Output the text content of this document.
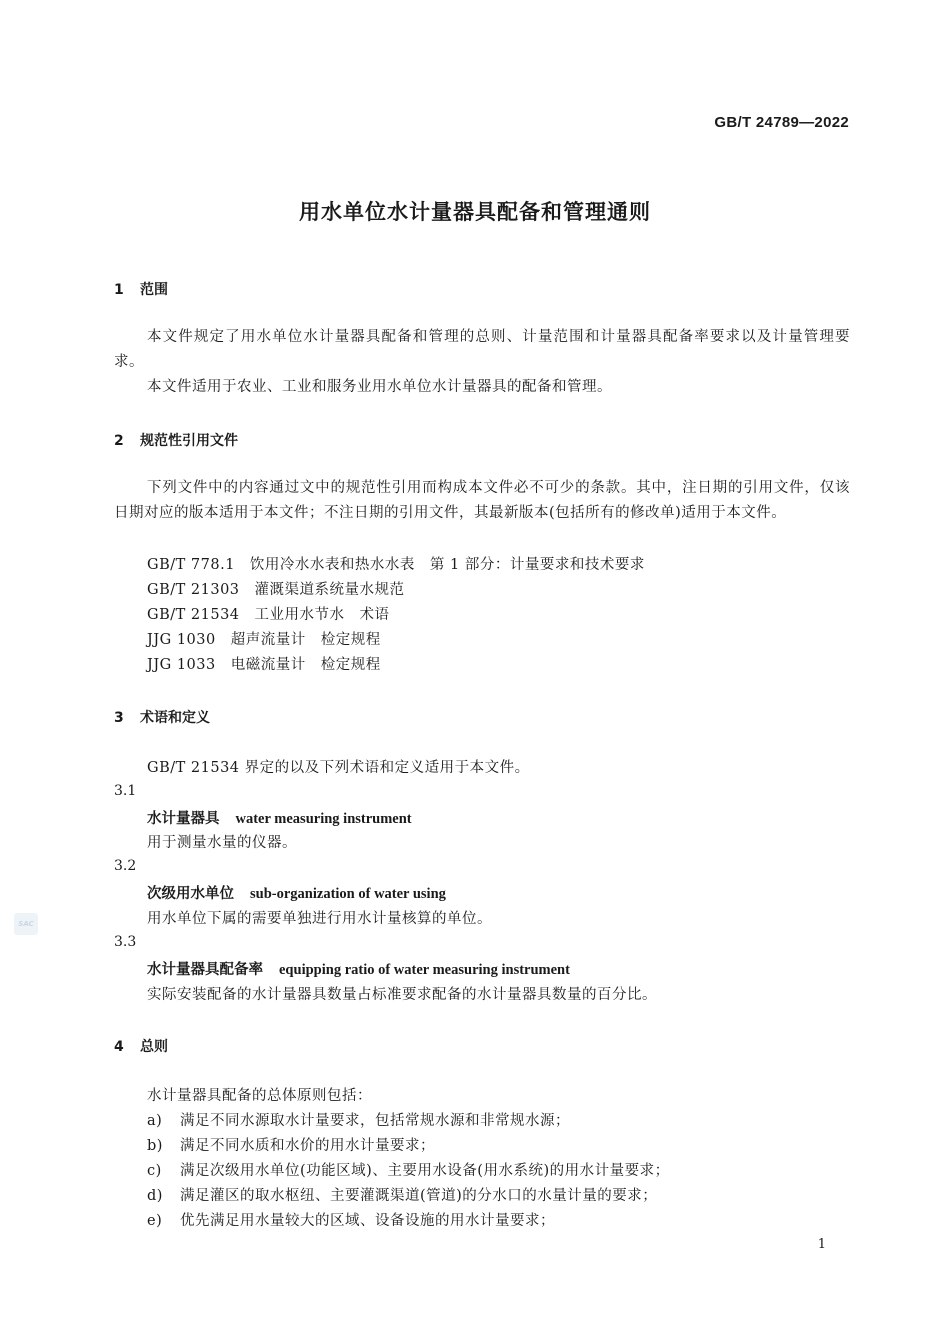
GB/T 24789—2022
用水单位水计量器具配备和管理通则
1 范围
本文件规定了用水单位水计量器具配备和管理的总则、计量范围和计量器具配备率要求以及计量管理要求。
本文件适用于农业、工业和服务业用水单位水计量器具的配备和管理。
2 规范性引用文件
下列文件中的内容通过文中的规范性引用而构成本文件必不可少的条款。其中，注日期的引用文件，仅该日期对应的版本适用于本文件；不注日期的引用文件，其最新版本(包括所有的修改单)适用于本文件。
GB/T 778.1　 饮用冷水水表和热水水表　第 1 部分：计量要求和技术要求
GB/T 21303　 灌溉渠道系统量水规范
GB/T 21534　 工业用水节水　术语
JJG 1030　 超声流量计　检定规程
JJG 1033　 电磁流量计　检定规程
3 术语和定义
GB/T 21534 界定的以及下列术语和定义适用于本文件。
3.1
水计量器具 water measuring instrument
用于测量水量的仪器。
3.2
次级用水单位 sub-organization of water using
用水单位下属的需要单独进行用水计量核算的单位。
3.3
水计量器具配备率 equipping ratio of water measuring instrument
实际安装配备的水计量器具数量占标准要求配备的水计量器具数量的百分比。
4 总则
水计量器具配备的总体原则包括：
a) 满足不同水源取水计量要求，包括常规水源和非常规水源；
b) 满足不同水质和水价的用水计量要求；
c) 满足次级用水单位(功能区域)、主要用水设备(用水系统)的用水计量要求；
d) 满足灌区的取水枢纽、主要灌溉渠道(管道)的分水口的水量计量的要求；
e) 优先满足用水量较大的区域、设备设施的用水计量要求；
SAC
1
